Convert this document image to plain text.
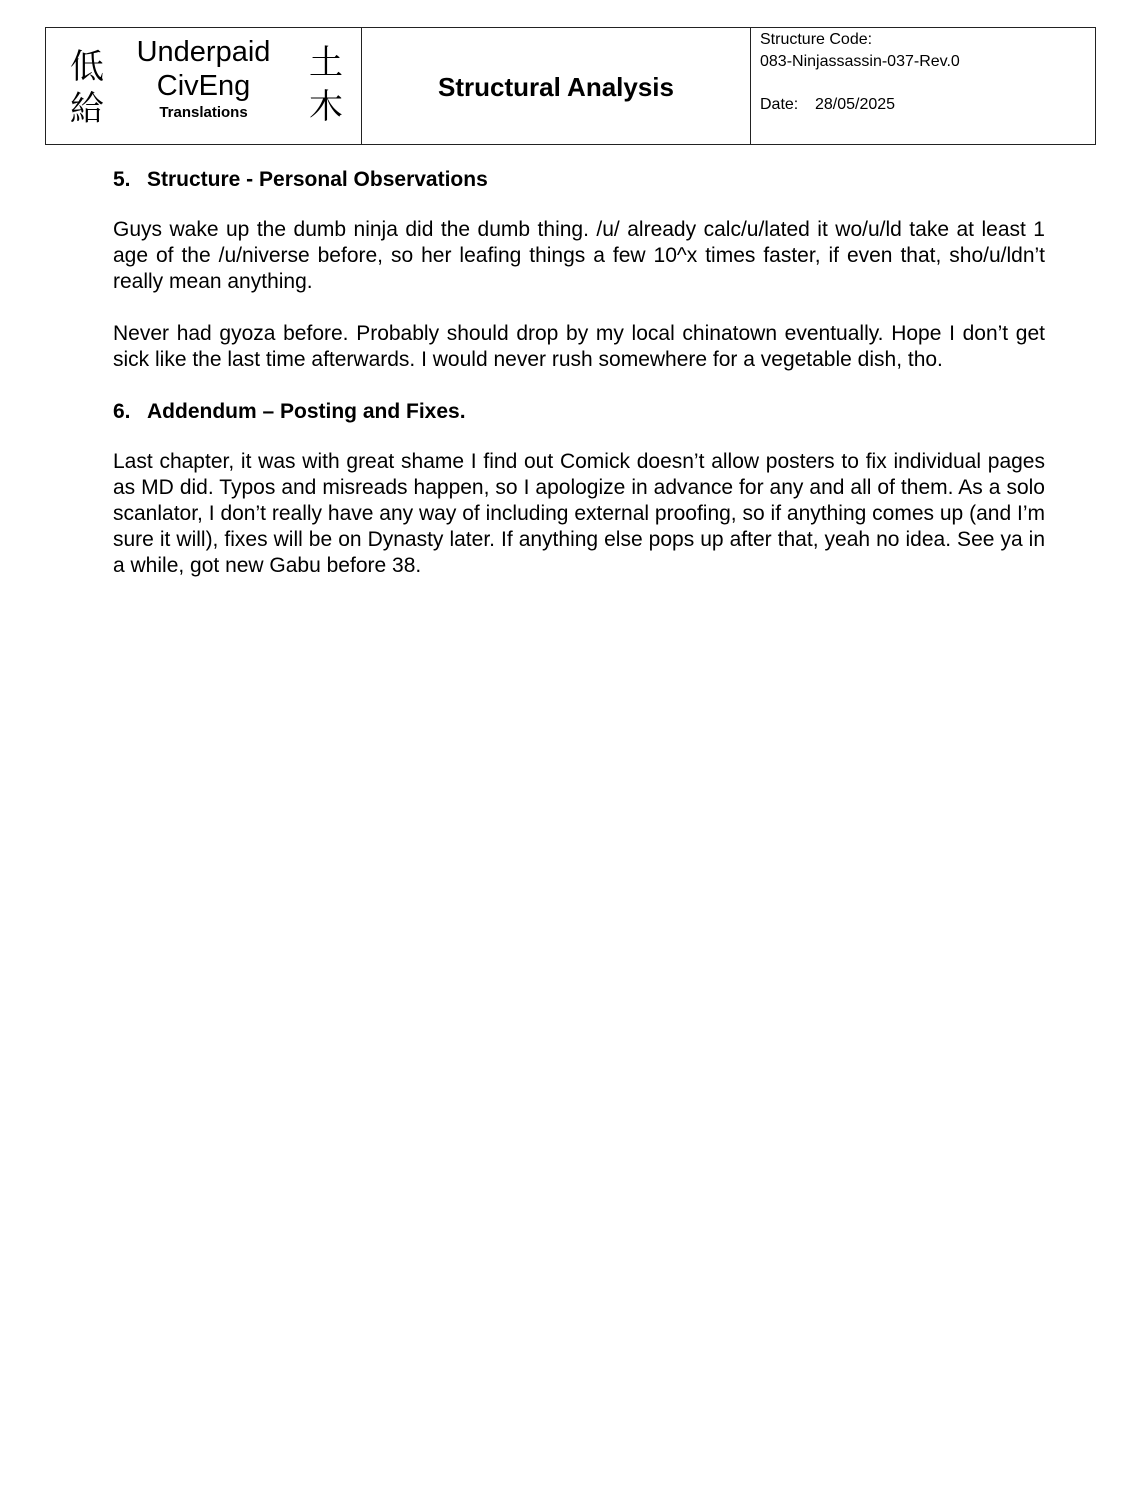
低
給
Underpaid
CivEng
Translations
土
木
Structural Analysis
Structure Code:
083-Ninjassassin-037-Rev.0
Date: 28/05/2025
5. Structure - Personal Observations

Guys wake up the dumb ninja did the dumb thing. /u/ already calc/u/lated it wo/u/ld take at least 1 age of the /u/niverse before, so her leafing things a few 10^x times faster, if even that, sho/u/ldn’t really mean anything.

Never had gyoza before. Probably should drop by my local chinatown eventually. Hope I don’t get sick like the last time afterwards. I would never rush somewhere for a vegetable dish, tho.

6. Addendum – Posting and Fixes.

Last chapter, it was with great shame I find out Comick doesn’t allow posters to fix individual pages as MD did. Typos and misreads happen, so I apologize in advance for any and all of them. As a solo scanlator, I don’t really have any way of including external proofing, so if anything comes up (and I’m sure it will), fixes will be on Dynasty later. If anything else pops up after that, yeah no idea. See ya in a while, got new Gabu before 38.
